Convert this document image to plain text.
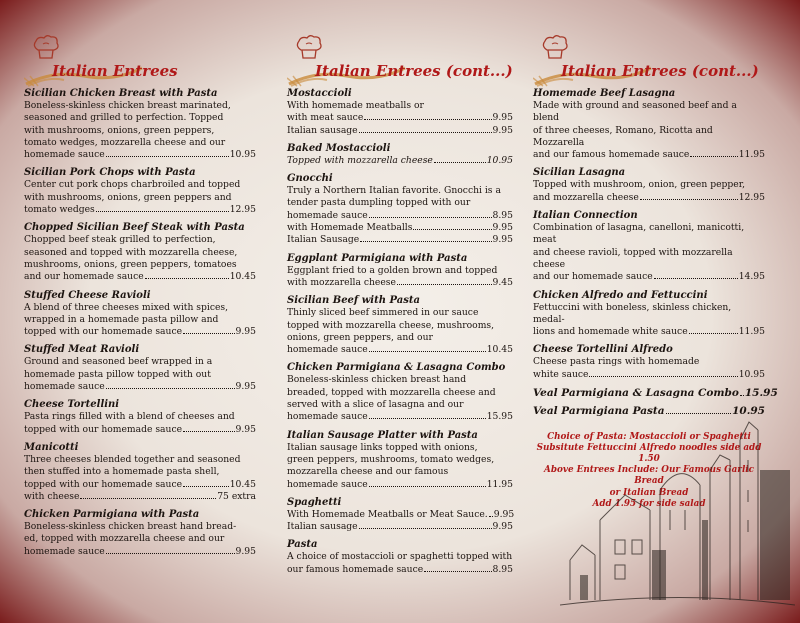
Italian Entrees
Sicilian Chicken Breast with Pasta
Boneless-skinless chicken breast marinated,
seasoned and grilled to perfection. Topped
with mushrooms, onions, green peppers,
tomato wedges, mozzarella cheese and our
homemade sauce	10.95
Sicilian Pork Chops with Pasta
Center cut pork chops charbroiled and topped
with mushrooms, onions, green peppers and
tomato wedges	12.95
Chopped Sicilian Beef Steak with Pasta
Chopped beef steak grilled to perfection,
seasoned and topped with mozzarella cheese,
mushrooms, onions, green peppers, tomatoes
and our homemade sauce	10.45
Stuffed Cheese Ravioli
A blend of three cheeses mixed with spices,
wrapped in a homemade pasta pillow and
topped with our homemade sauce	9.95
Stuffed Meat Ravioli
Ground and seasoned beef wrapped in a
homemade pasta pillow topped with out
homemade sauce	9.95
Cheese Tortellini
Pasta rings filled with a blend of cheeses and
topped with our homemade sauce	9.95
Manicotti
Three cheeses blended together and seasoned
then stuffed into a homemade pasta shell,
topped with our homemade sauce	10.45
with cheese	75 extra
Chicken Parmigiana with Pasta
Boneless-skinless chicken breast hand bread-
ed, topped with mozzarella cheese and our
homemade sauce	9.95
Italian Entrees (cont...)
Mostaccioli
With homemade meatballs or
with meat sauce	9.95
Italian sausage	9.95
Baked Mostaccioli
Topped with mozzarella cheese	10.95
Gnocchi
Truly a Northern Italian favorite. Gnocchi is a
tender pasta dumpling topped with our
homemade sauce	8.95
with Homemade Meatballs	9.95
Italian Sausage	9.95
Eggplant Parmigiana with Pasta
Eggplant fried to a golden brown and topped
with mozzarella cheese	9.45
Sicilian Beef with Pasta
Thinly sliced beef simmered in our sauce
topped with mozzarella cheese, mushrooms,
onions, green peppers, and our
homemade sauce	10.45
Chicken Parmigiana & Lasagna Combo
Boneless-skinless chicken breast hand
breaded, topped with mozzarella cheese and
served with a slice of lasagna and our
homemade sauce	15.95
Italian Sausage Platter with Pasta
Italian sausage links topped with onions,
green peppers, mushrooms, tomato wedges,
mozzarella cheese and our famous
homemade sauce	11.95
Spaghetti
With Homemade Meatballs or Meat Sauce. 9.95
Italian sausage	9.95
Pasta
A choice of mostaccioli or spaghetti topped with
our famous homemade sauce	8.95
Italian Entrees (cont...)
Homemade Beef Lasagna
Made with ground and seasoned beef and a blend
of three cheeses, Romano, Ricotta and Mozzarella
and our famous homemade sauce	11.95
Sicilian Lasagna
Topped with mushroom, onion, green pepper,
and mozzarella cheese	12.95
Italian Connection
Combination of lasagna, canelloni, manicotti, meat
and cheese ravioli, topped with mozzarella cheese
and our homemade sauce	14.95
Chicken Alfredo and Fettuccini
Fettuccini with boneless, skinless chicken, medal-
lions and homemade white sauce	11.95
Cheese Tortellini Alfredo
Cheese pasta rings with homemade
white sauce	10.95
Veal Parmigiana & Lasagna Combo 15.95
Veal Parmigiana Pasta	10.95
Choice of Pasta: Mostaccioli or Spaghetti
Subsitute Fettuccini Alfredo noodles side add 1.50
Above Entrees Include: Our Famous Garlic Bread
or Italian Bread
Add 1.95 for side salad
